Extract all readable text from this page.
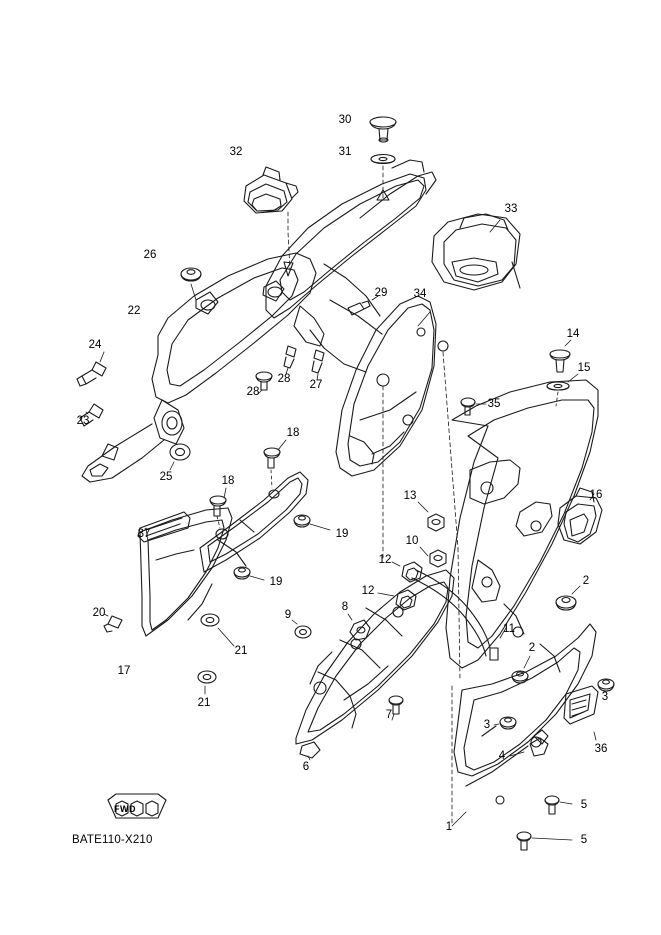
FWD
BATE110-X210
30
31
32
33
26
22
29 34
14
24
15
27
28
28
23
35
25
18
18
13	16
10
19
19
12
12
37
2
11
9
8
20
2
21
17
21
3
3
36
7
6
4
5
5
1
